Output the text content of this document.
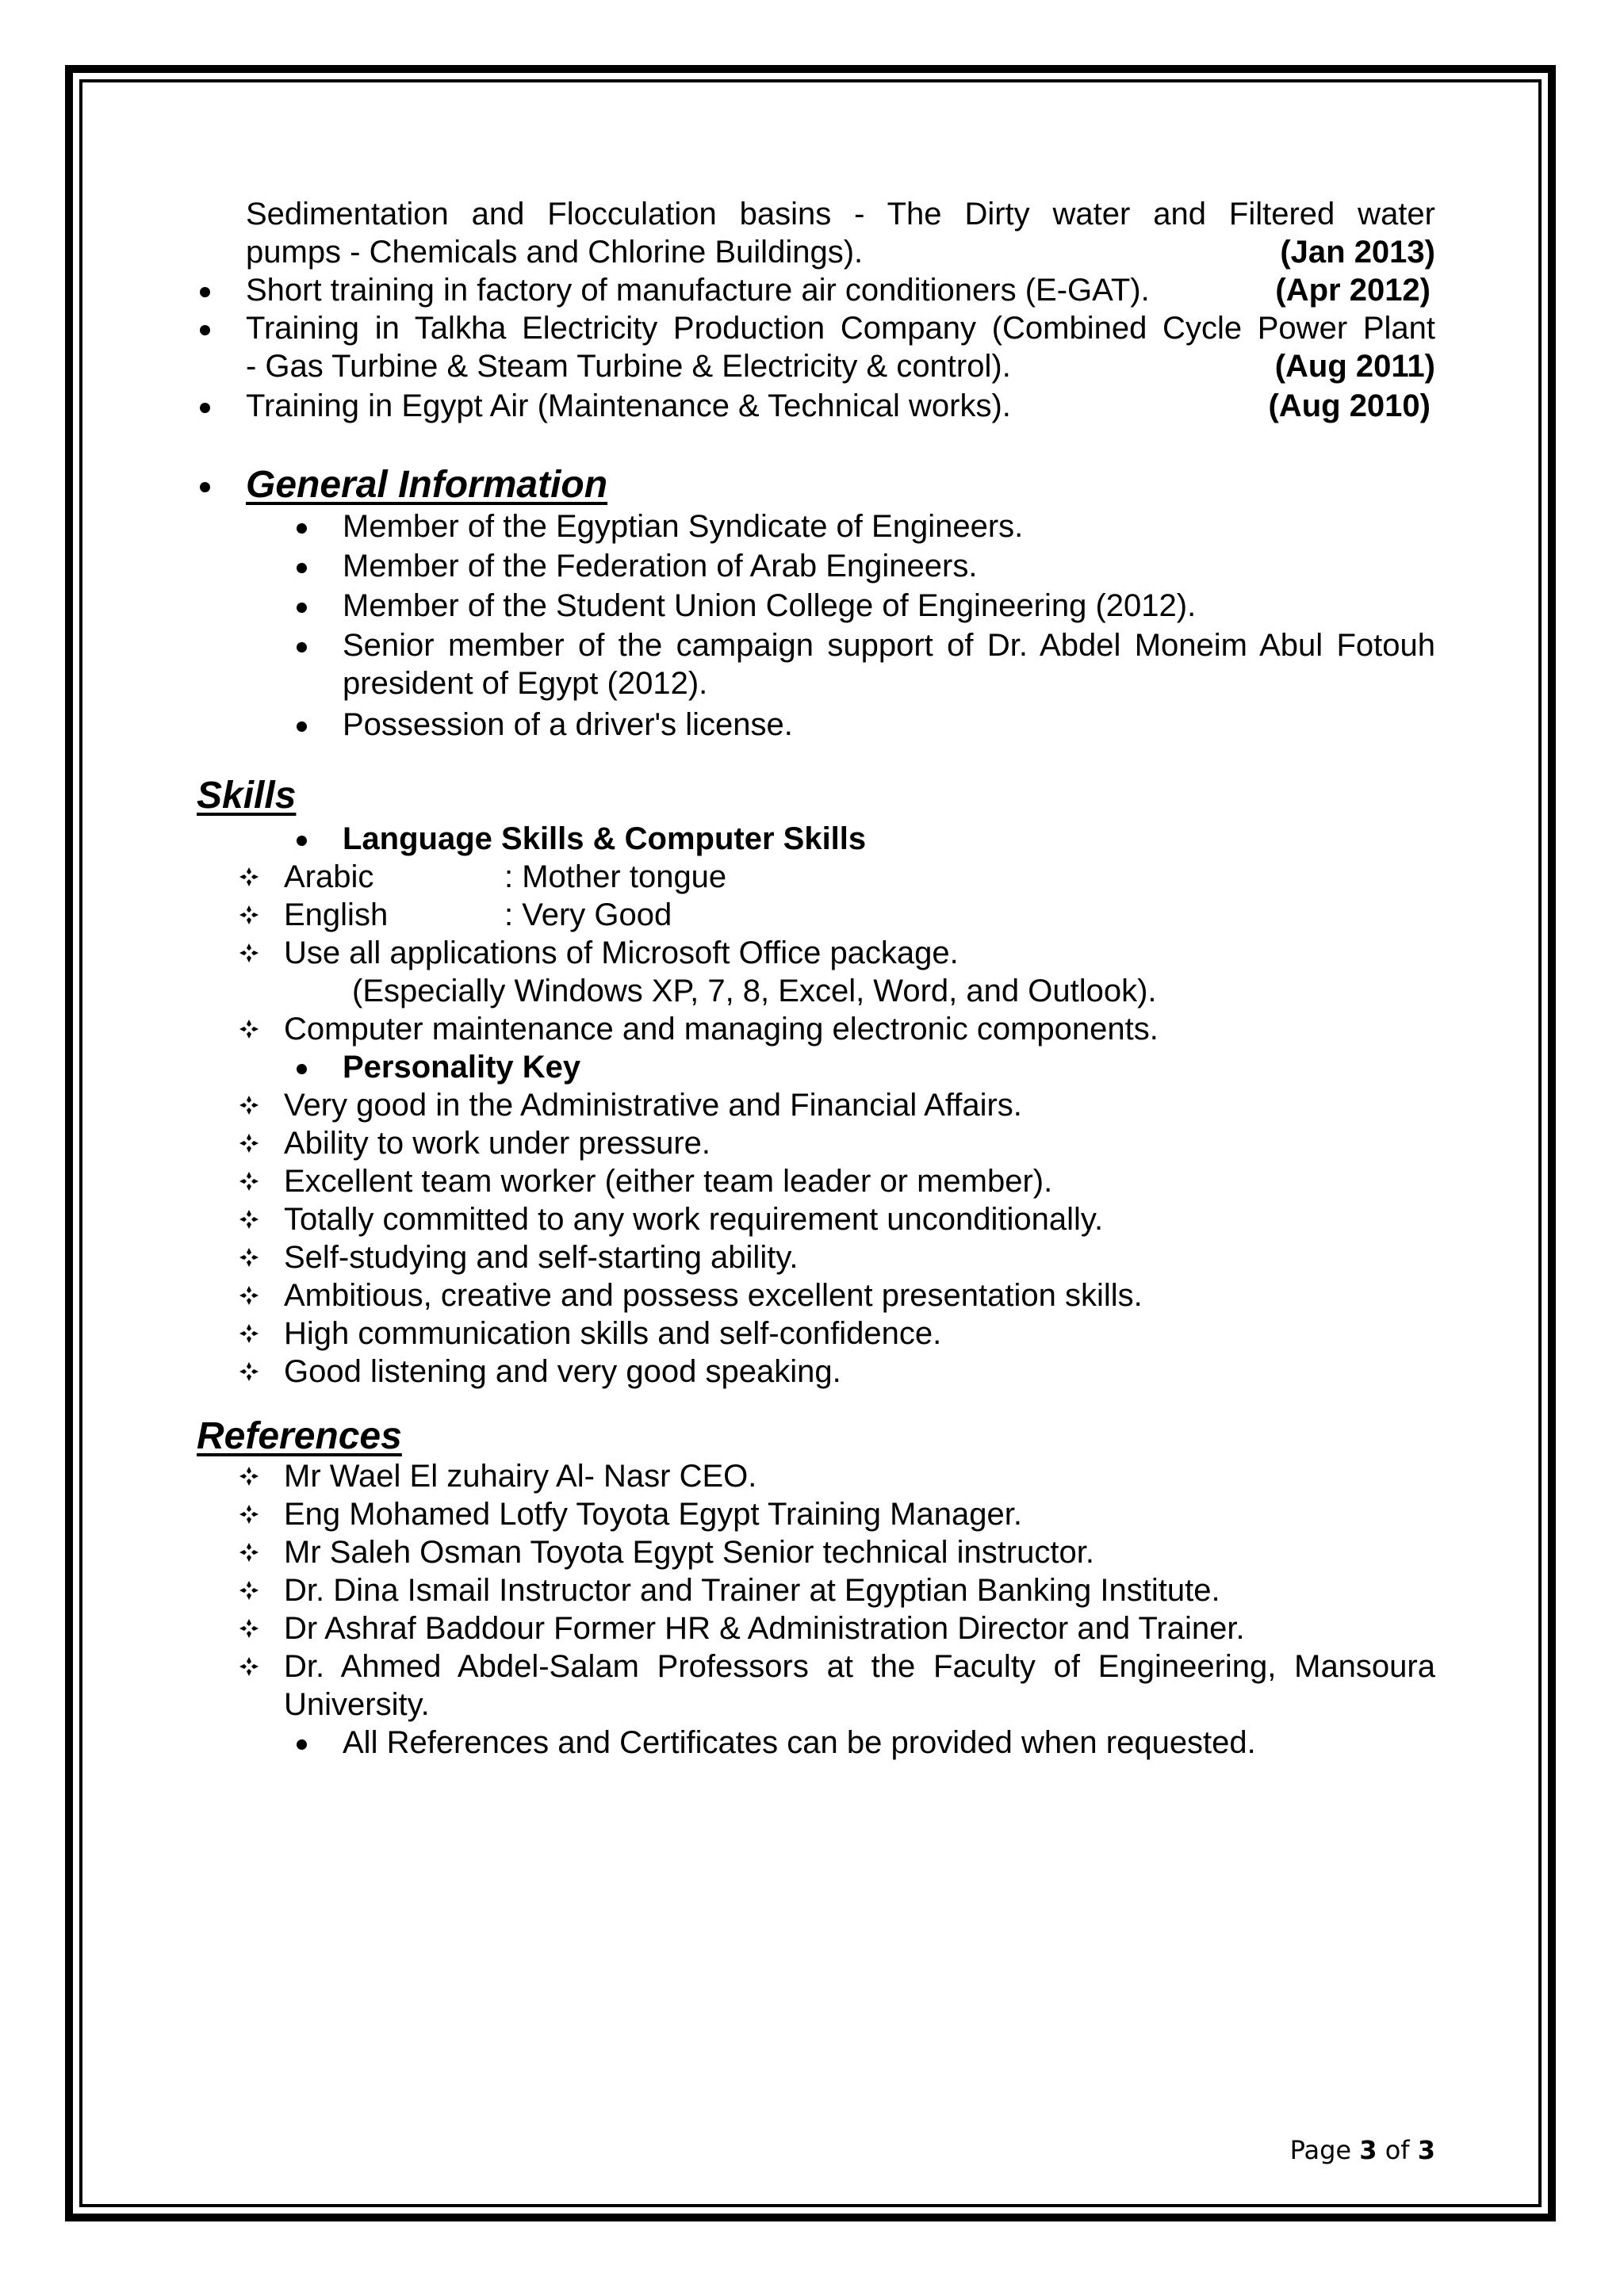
Sedimentation and Flocculation basins - The Dirty water and Filtered water
pumps - Chemicals and Chlorine Buildings).	(Jan 2013)
Short training in factory of manufacture air conditioners (E-GAT).	(Apr 2012)
Training in Talkha Electricity Production Company (Combined Cycle Power Plant
- Gas Turbine & Steam Turbine & Electricity & control).	(Aug 2011)
Training in Egypt Air (Maintenance & Technical works).	(Aug 2010)
General Information
Member of the Egyptian Syndicate of Engineers.
Member of the Federation of Arab Engineers.
Member of the Student Union College of Engineering (2012).
Senior member of the campaign support of Dr. Abdel Moneim Abul Fotouh
president of Egypt (2012).
Possession of a driver's license.
Skills
Language Skills & Computer Skills
Arabic	: Mother tongue
English	: Very Good
Use all applications of Microsoft Office package.
(Especially Windows XP, 7, 8, Excel, Word, and Outlook).
Computer maintenance and managing electronic components.
Personality Key
Very good in the Administrative and Financial Affairs.
Ability to work under pressure.
Excellent team worker (either team leader or member).
Totally committed to any work requirement unconditionally.
Self-studying and self-starting ability.
Ambitious, creative and possess excellent presentation skills.
High communication skills and self-confidence.
Good listening and very good speaking.
References
Mr Wael El zuhairy Al- Nasr CEO.
Eng Mohamed Lotfy Toyota Egypt Training Manager.
Mr Saleh Osman Toyota Egypt Senior technical instructor.
Dr. Dina Ismail Instructor and Trainer at Egyptian Banking Institute.
Dr Ashraf Baddour Former HR & Administration Director and Trainer.
Dr. Ahmed Abdel-Salam Professors at the Faculty of Engineering, Mansoura
University.
All References and Certificates can be provided when requested.
Page 3 of 3
